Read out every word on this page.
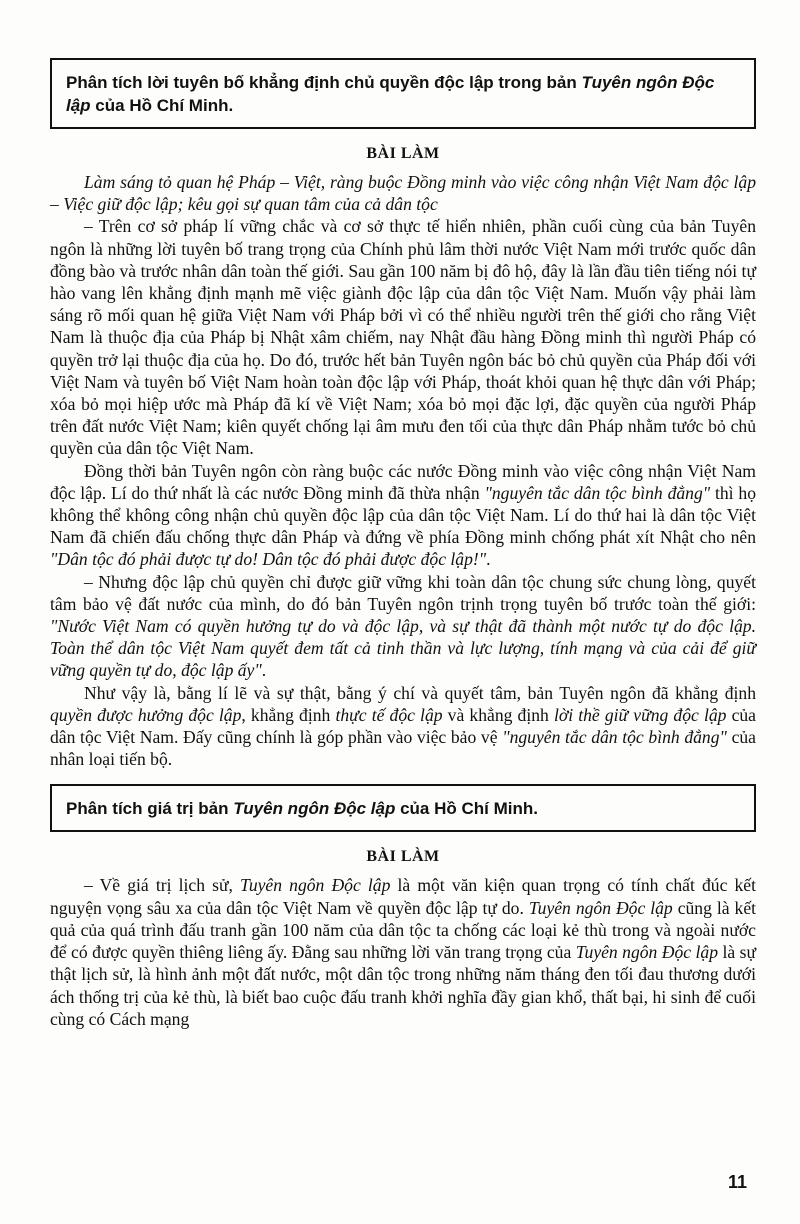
Phân tích lời tuyên bố khẳng định chủ quyền độc lập trong bản Tuyên ngôn Độc lập của Hồ Chí Minh.
BÀI LÀM

Làm sáng tỏ quan hệ Pháp – Việt, ràng buộc Đồng minh vào việc công nhận Việt Nam độc lập – Việc giữ độc lập; kêu gọi sự quan tâm của cả dân tộc

– Trên cơ sở pháp lí vững chắc và cơ sở thực tế hiển nhiên, phần cuối cùng của bản Tuyên ngôn là những lời tuyên bố trang trọng của Chính phủ lâm thời nước Việt Nam mới trước quốc dân đồng bào và trước nhân dân toàn thế giới. Sau gần 100 năm bị đô hộ, đây là lần đầu tiên tiếng nói tự hào vang lên khẳng định mạnh mẽ việc giành độc lập của dân tộc Việt Nam. Muốn vậy phải làm sáng rõ mối quan hệ giữa Việt Nam với Pháp bởi vì có thể nhiều người trên thế giới cho rằng Việt Nam là thuộc địa của Pháp bị Nhật xâm chiếm, nay Nhật đầu hàng Đồng minh thì người Pháp có quyền trở lại thuộc địa của họ. Do đó, trước hết bản Tuyên ngôn bác bỏ chủ quyền của Pháp đối với Việt Nam và tuyên bố Việt Nam hoàn toàn độc lập với Pháp, thoát khỏi quan hệ thực dân với Pháp; xóa bỏ mọi hiệp ước mà Pháp đã kí về Việt Nam; xóa bỏ mọi đặc lợi, đặc quyền của người Pháp trên đất nước Việt Nam; kiên quyết chống lại âm mưu đen tối của thực dân Pháp nhằm tước bỏ chủ quyền của dân tộc Việt Nam.

Đồng thời bản Tuyên ngôn còn ràng buộc các nước Đồng minh vào việc công nhận Việt Nam độc lập. Lí do thứ nhất là các nước Đồng minh đã thừa nhận "nguyên tắc dân tộc bình đẳng" thì họ không thể không công nhận chủ quyền độc lập của dân tộc Việt Nam. Lí do thứ hai là dân tộc Việt Nam đã chiến đấu chống thực dân Pháp và đứng về phía Đồng minh chống phát xít Nhật cho nên "Dân tộc đó phải được tự do! Dân tộc đó phải được độc lập!".

– Nhưng độc lập chủ quyền chỉ được giữ vững khi toàn dân tộc chung sức chung lòng, quyết tâm bảo vệ đất nước của mình, do đó bản Tuyên ngôn trịnh trọng tuyên bố trước toàn thế giới: "Nước Việt Nam có quyền hưởng tự do và độc lập, và sự thật đã thành một nước tự do độc lập. Toàn thể dân tộc Việt Nam quyết đem tất cả tinh thần và lực lượng, tính mạng và của cải để giữ vững quyền tự do, độc lập ấy".

Như vậy là, bằng lí lẽ và sự thật, bằng ý chí và quyết tâm, bản Tuyên ngôn đã khẳng định quyền được hưởng độc lập, khẳng định thực tế độc lập và khẳng định lời thề giữ vững độc lập của dân tộc Việt Nam. Đấy cũng chính là góp phần vào việc bảo vệ "nguyên tắc dân tộc bình đẳng" của nhân loại tiến bộ.

Phân tích giá trị bản Tuyên ngôn Độc lập của Hồ Chí Minh.
BÀI LÀM

– Về giá trị lịch sử, Tuyên ngôn Độc lập là một văn kiện quan trọng có tính chất đúc kết nguyện vọng sâu xa của dân tộc Việt Nam về quyền độc lập tự do. Tuyên ngôn Độc lập cũng là kết quả của quá trình đấu tranh gần 100 năm của dân tộc ta chống các loại kẻ thù trong và ngoài nước để có được quyền thiêng liêng ấy. Đằng sau những lời văn trang trọng của Tuyên ngôn Độc lập là sự thật lịch sử, là hình ảnh một đất nước, một dân tộc trong những năm tháng đen tối đau thương dưới ách thống trị của kẻ thù, là biết bao cuộc đấu tranh khởi nghĩa đầy gian khổ, thất bại, hi sinh để cuối cùng có Cách mạng

11
